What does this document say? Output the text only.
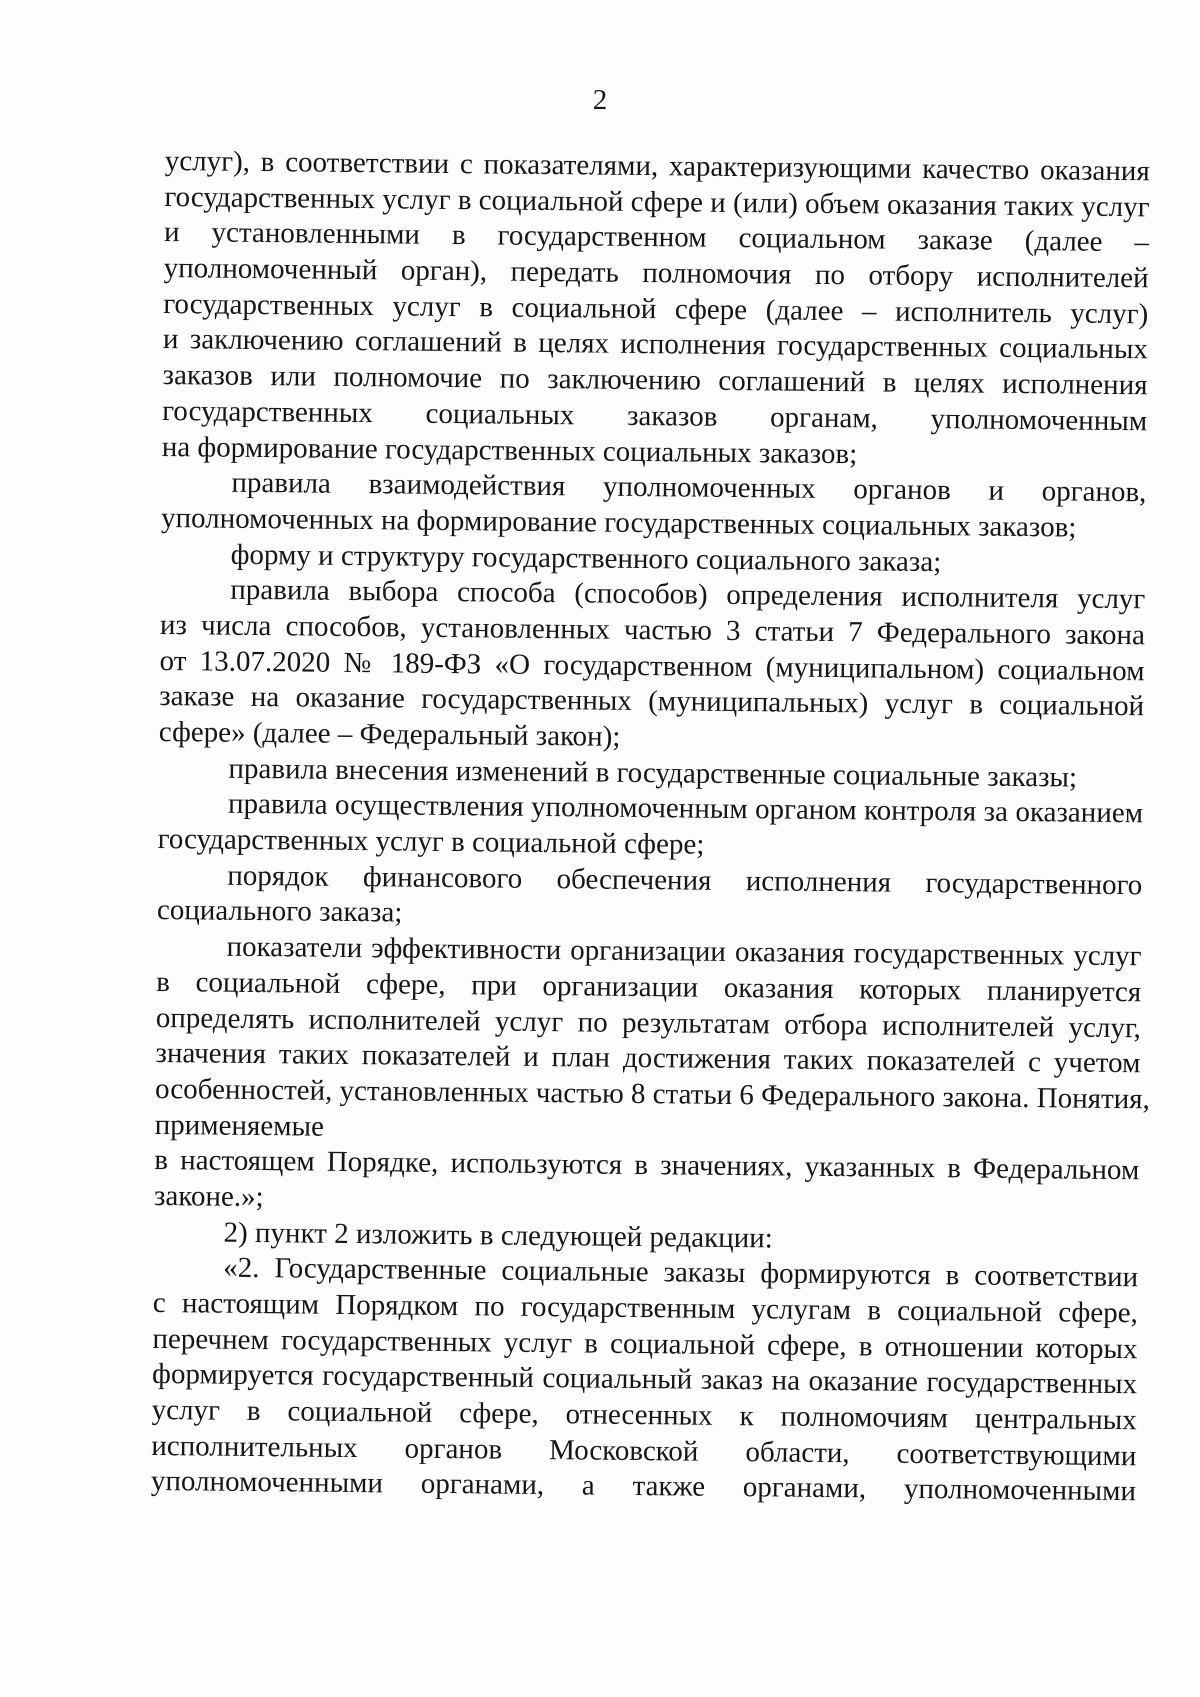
2
услуг), в соответствии с показателями, характеризующими качество оказания
государственных услуг в социальной сфере и (или) объем оказания таких услуг
и установленными в государственном социальном заказе (далее –
уполномоченный орган), передать полномочия по отбору исполнителей
государственных услуг в социальной сфере (далее – исполнитель услуг)
и заключению соглашений в целях исполнения государственных социальных
заказов или полномочие по заключению соглашений в целях исполнения
государственных социальных заказов органам, уполномоченным
на формирование государственных социальных заказов;
правила взаимодействия уполномоченных органов и органов,
уполномоченных на формирование государственных социальных заказов;
форму и структуру государственного социального заказа;
правила выбора способа (способов) определения исполнителя услуг
из числа способов, установленных частью 3 статьи 7 Федерального закона
от 13.07.2020 № 189-ФЗ «О государственном (муниципальном) социальном
заказе на оказание государственных (муниципальных) услуг в социальной
сфере» (далее – Федеральный закон);
правила внесения изменений в государственные социальные заказы;
правила осуществления уполномоченным органом контроля за оказанием
государственных услуг в социальной сфере;
порядок финансового обеспечения исполнения государственного
социального заказа;
показатели эффективности организации оказания государственных услуг
в социальной сфере, при организации оказания которых планируется
определять исполнителей услуг по результатам отбора исполнителей услуг,
значения таких показателей и план достижения таких показателей с учетом
особенностей, установленных частью 8 статьи 6 Федерального закона. Понятия,
применяемые
в настоящем Порядке, используются в значениях, указанных в Федеральном
законе.»;
2) пункт 2 изложить в следующей редакции:
«2. Государственные социальные заказы формируются в соответствии
с настоящим Порядком по государственным услугам в социальной сфере,
перечнем государственных услуг в социальной сфере, в отношении которых
формируется государственный социальный заказ на оказание государственных
услуг в социальной сфере, отнесенных к полномочиям центральных
исполнительных органов Московской области, соответствующими
уполномоченными органами, а также органами, уполномоченными
